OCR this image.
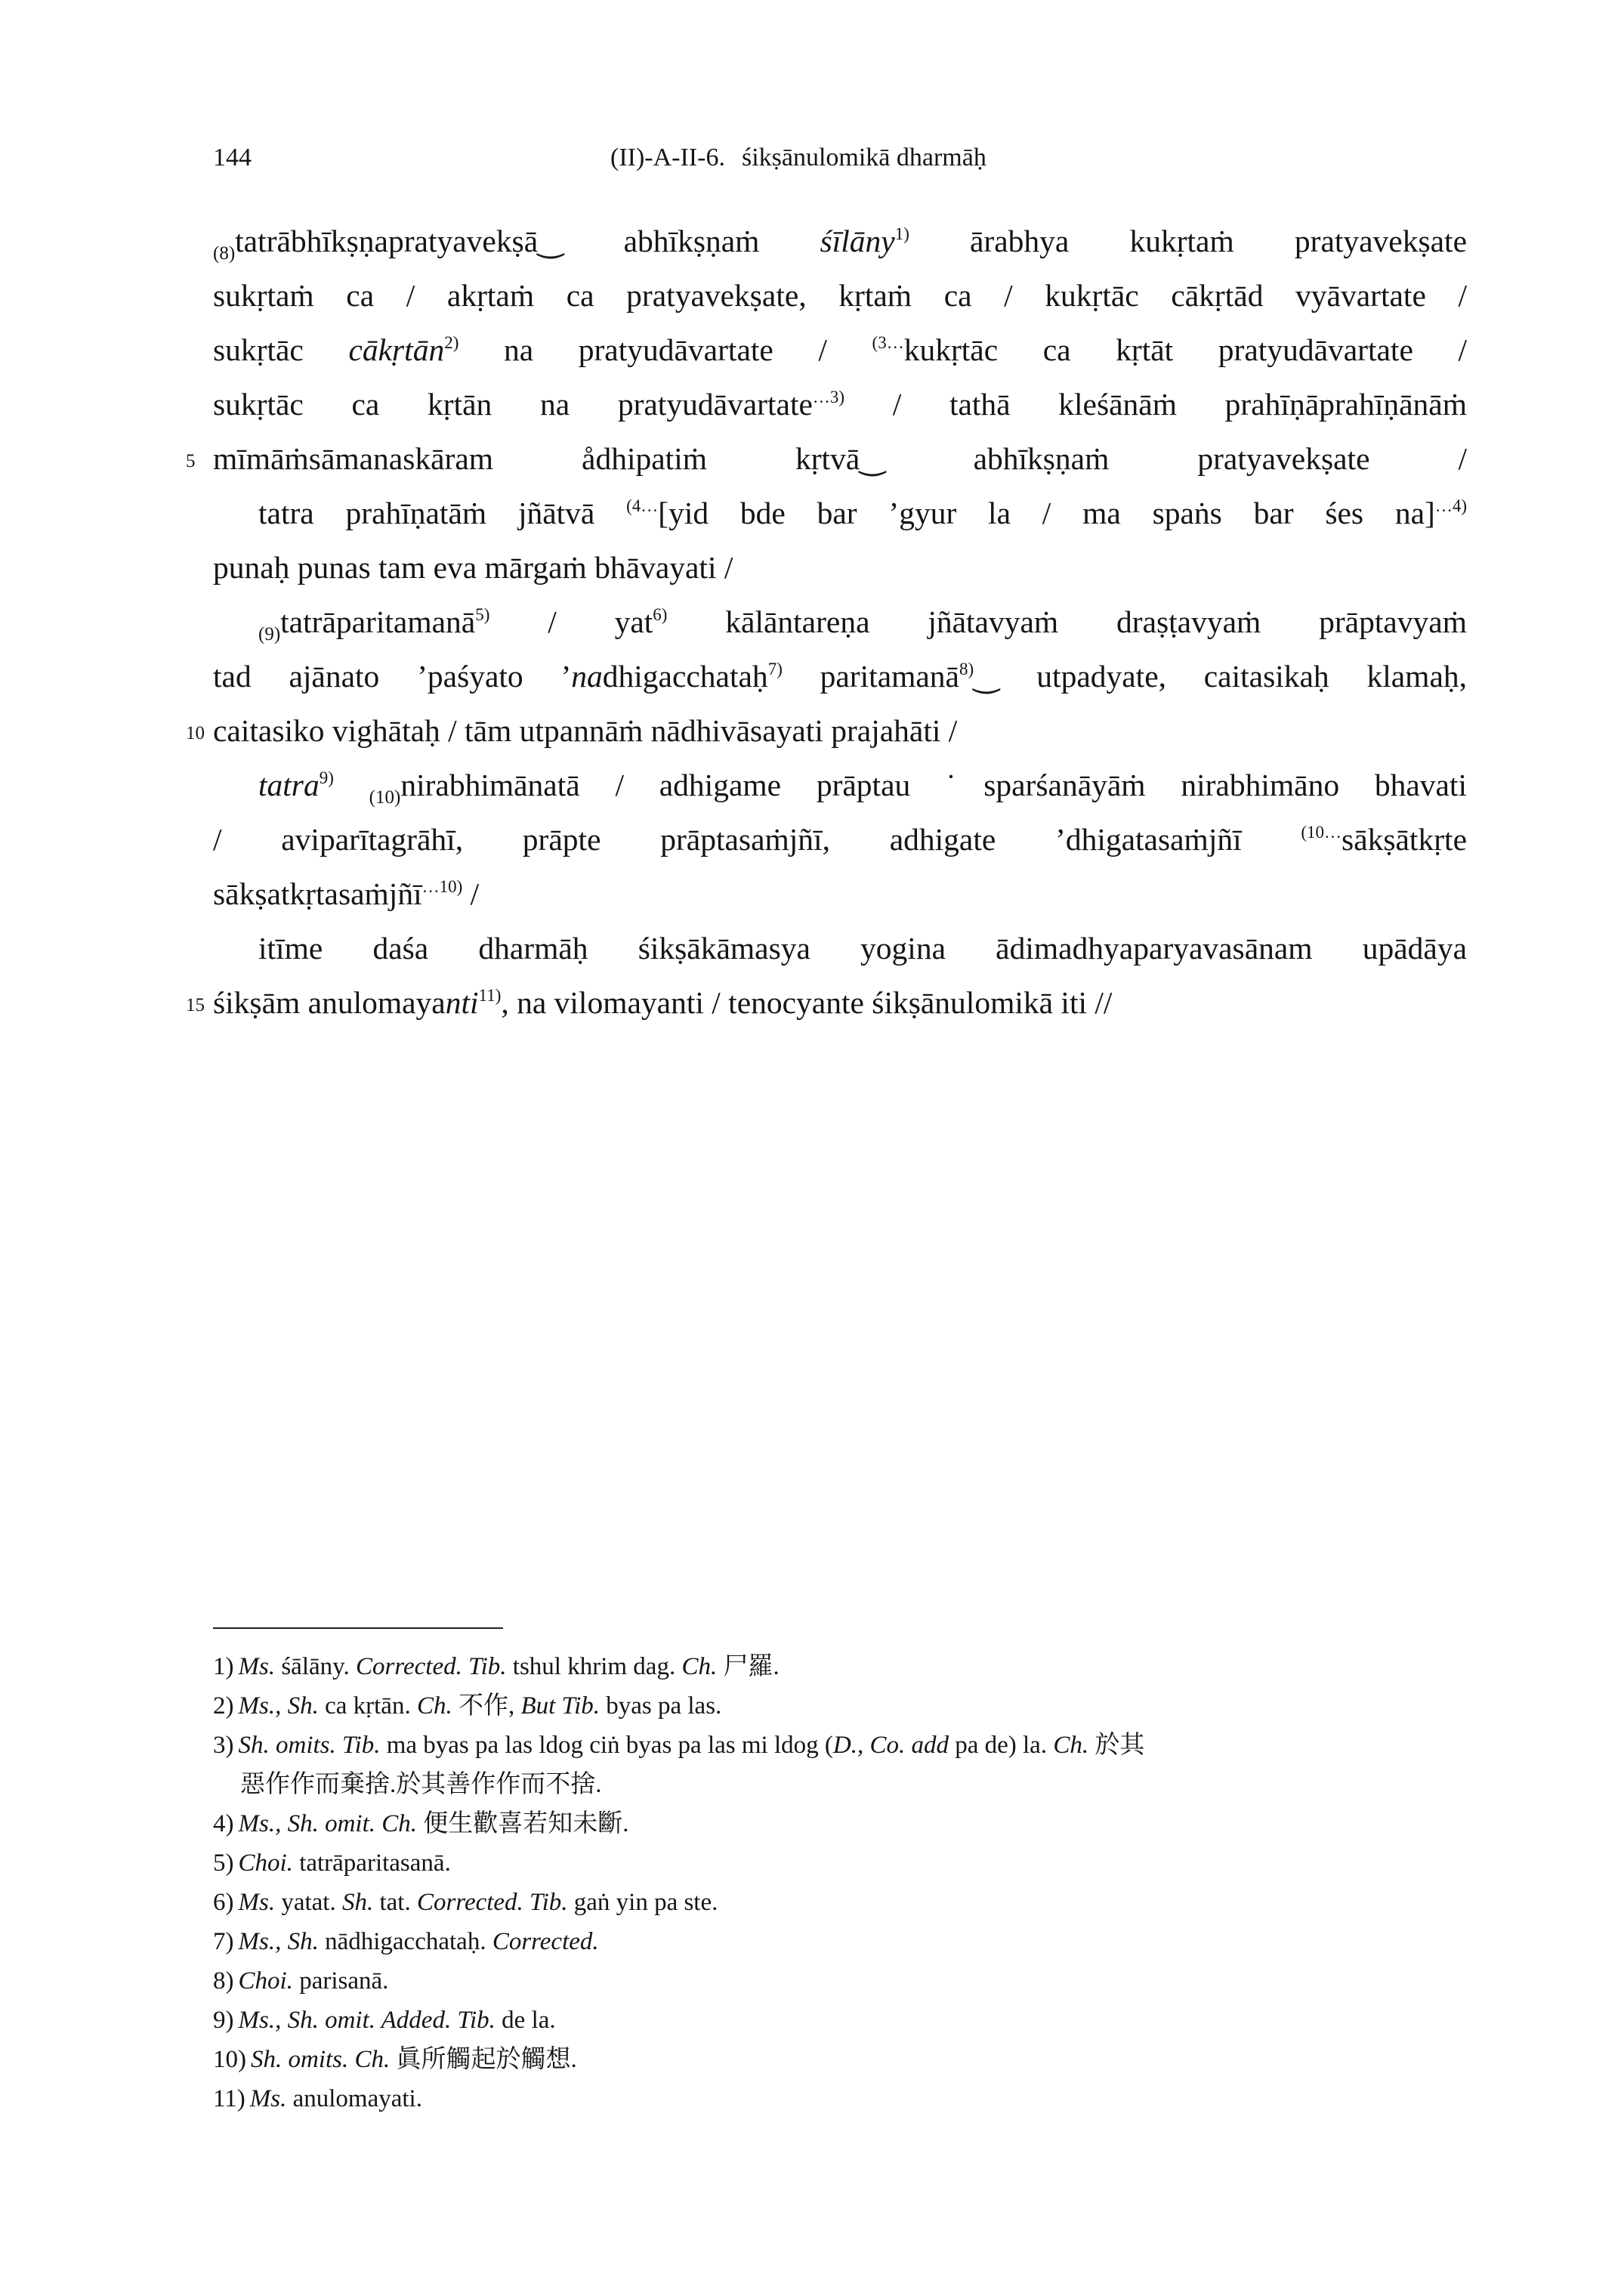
144	(II)-A-II-6. śikṣānulomikā dharmāḥ
$_{(8)}$tatrābhīkṣṇapratyavekṣā‿ abhīkṣṇaṁ śīlāny$^{1)}$ ārabhya kukṛtaṁ pratyavekṣate
sukṛtaṁ ca / akṛtaṁ ca pratyavekṣate, kṛtaṁ ca / kukṛtāc cākṛtād vyāvartate /
sukṛtāc cākṛtān$^{2)}$ na pratyudāvartate / $^{(3\dots}$kukṛtāc ca kṛtāt pratyudāvartate /
sukṛtāc ca kṛtān na pratyudāvartate$^{\dots 3)}$ / tathā kleśānāṁ prahīṇāprahīṇānāṁ
5 mīmāṁsāmanaskāram ådhipatiṁ kṛtvā‿ abhīkṣṇaṁ pratyavekṣate /
tatra prahīṇatāṁ jñātvā $^{(4\dots}$[yid bde bar ’gyur la / ma spaṅs bar śes na]$^{\dots 4)}$
punaḥ punas tam eva mārgaṁ bhāvayati /
$_{(9)}$tatrāparitamanā$^{5)}$ / yat$^{6)}$ kālāntareṇa jñātavyaṁ draṣṭavyaṁ prāptavyaṁ
tad ajānato ’paśyato ’nadhigacchataḥ$^{7)}$ paritamanā$^{8)}$‿ utpadyate, caitasikaḥ klamaḥ,
10 caitasiko vighātaḥ / tām utpannāṁ nādhivāsayati prajahāti /
tatra$^{9)}$ $_{(10)}$nirabhimānatā / adhigame prāptau ˙sparśanāyāṁ nirabhimāno bhavati
/ aviparītagrāhī, prāpte prāptasaṁjñī, adhigate ’dhigatasaṁjñī $^{(10\dots}$sākṣātkṛte
sākṣatkṛtasaṁjñī$^{\dots 10)}$ /
itīme daśa dharmāḥ śikṣākāmasya yogina ādimadhyaparyavasānam upādāya
15 śikṣām anulomayanti$^{11)}$, na vilomayanti / tenocyante śikṣānulomikā iti //
1) Ms. śālāny. Corrected. Tib. tshul khrim dag. Ch. 尸羅.
2) Ms., Sh. ca kṛtān. Ch. 不作, But Tib. byas pa las.
3) Sh. omits. Tib. ma byas pa las ldog ciṅ byas pa las mi ldog (D., Co. add pa de) la. Ch. 於其
惡作作而棄捨.於其善作作而不捨.
4) Ms., Sh. omit. Ch. 便生歡喜若知未斷.
5) Choi. tatrāparitasanā.
6) Ms. yatat. Sh. tat. Corrected. Tib. gaṅ yin pa ste.
7) Ms., Sh. nādhigacchataḥ. Corrected.
8) Choi. parisanā.
9) Ms., Sh. omit. Added. Tib. de la.
10) Sh. omits. Ch. 眞所觸起於觸想.
11) Ms. anulomayati.
